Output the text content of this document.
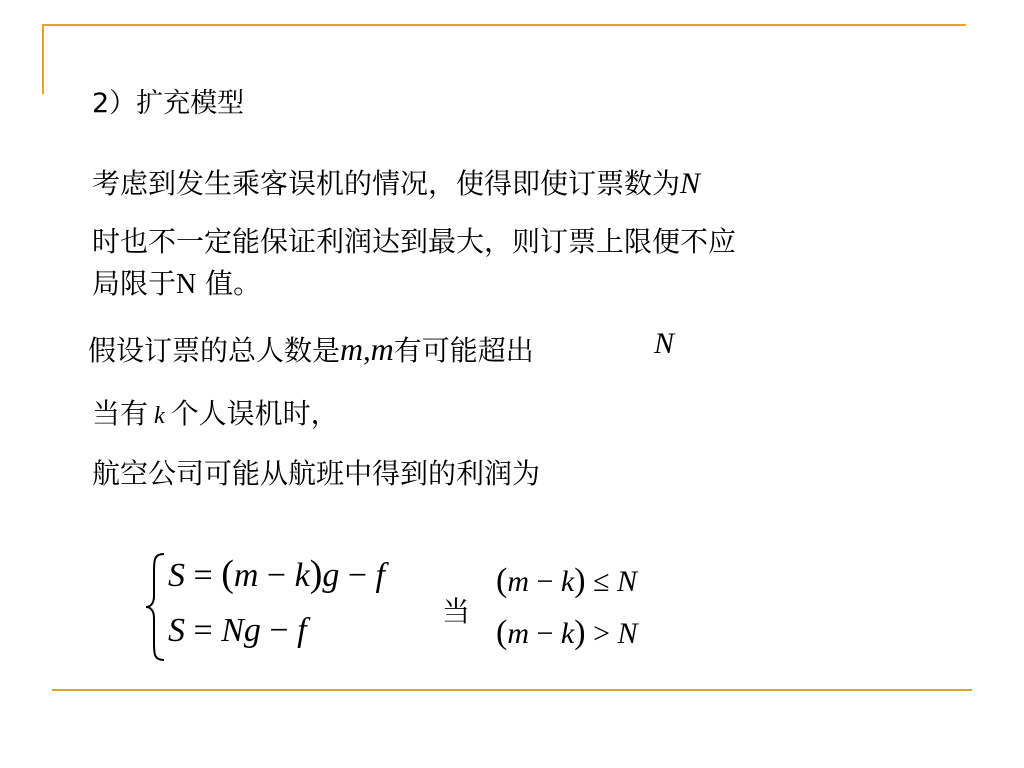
2）扩充模型
考虑到发生乘客误机的情况，使得即使订票数为N
时也不一定能保证利润达到最大，则订票上限便不应
局限于N 值。
假设订票的总人数是m,m有可能超出	N
当有 k 个人误机时，
航空公司可能从航班中得到的利润为
S = (m − k)g − f
S = Ng − f
当
(m − k) ≤ N
(m − k) > N
